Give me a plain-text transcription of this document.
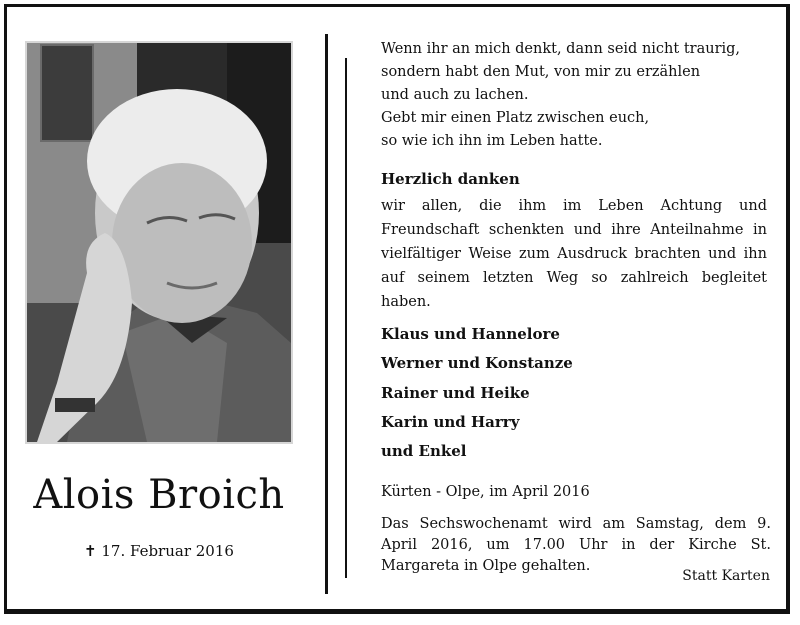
Alois Broich
✝ 17. Februar 2016
Wenn ihr an mich denkt, dann seid nicht traurig,
sondern habt den Mut, von mir zu erzählen
und auch zu lachen.
Gebt mir einen Platz zwischen euch,
so wie ich ihn im Leben hatte.
Herzlich danken
wir allen, die ihm im Leben Achtung und Freundschaft schenkten und ihre Anteilnahme in vielfältiger Weise zum Ausdruck brachten und ihn auf seinem letzten Weg so zahlreich begleitet haben.
Klaus und Hannelore
Werner und Konstanze
Rainer und Heike
Karin und Harry
und Enkel
Kürten - Olpe, im April 2016
Das Sechswochenamt wird am Samstag, dem 9. April 2016, um 17.00 Uhr in der Kirche St. Margareta in Olpe gehalten.
Statt Karten
